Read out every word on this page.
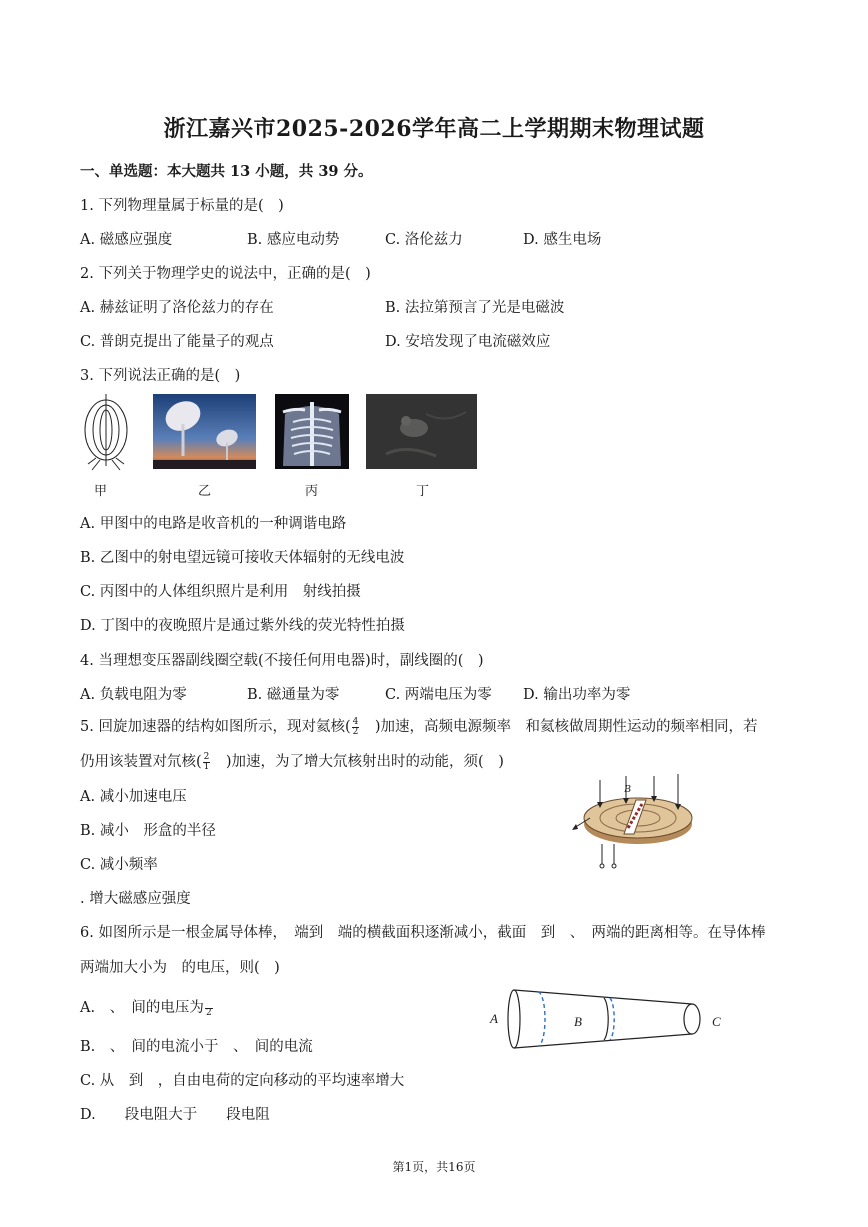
浙江嘉兴市2025-2026学年高二上学期期末物理试题
一、单选题：本大题共 13 小题，共 39 分。
1. 下列物理量属于标量的是(　)
A. 磁感应强度	B. 感应电动势	C. 洛伦兹力	D. 感生电场
2. 下列关于物理学史的说法中，正确的是(　)
A. 赫兹证明了洛伦兹力的存在	B. 法拉第预言了光是电磁波
C. 普朗克提出了能量子的观点	D. 安培发现了电流磁效应
3. 下列说法正确的是(　)
甲	乙	丙	丁
A. 甲图中的电路是收音机的一种调谐电路
B. 乙图中的射电望远镜可接收天体辐射的无线电波
C. 丙图中的人体组织照片是利用　射线拍摄
D. 丁图中的夜晚照片是通过紫外线的荧光特性拍摄
4. 当理想变压器副线圈空载(不接任何用电器)时，副线圈的(　)
A. 负载电阻为零	B. 磁通量为零	C. 两端电压为零 D. 输出功率为零
5. 回旋加速器的结构如图所示，现对氦核( $\frac{4}{2}$ 　)加速，高频电源频率　和氦核做周期性运动的频率相同，若
仍用该装置对氘核( $\frac{2}{1}$ 　)加速，为了增大氘核射出时的动能，须(　)
A. 减小加速电压
B. 减小　形盒的半径
C. 减小频率
. 增大磁感应强度
B
6. 如图所示是一根金属导体棒，　端到　端的横截面积逐渐减小，截面　到　、　两端的距离相等。在导体棒
两端加大小为　的电压，则(　)
A.　、　间的电压为 2
B.　、　间的电流小于　、　间的电流
C. 从　到　，自由电荷的定向移动的平均速率增大
D.　　段电阻大于　　段电阻
A	B	C
第1页，共16页
